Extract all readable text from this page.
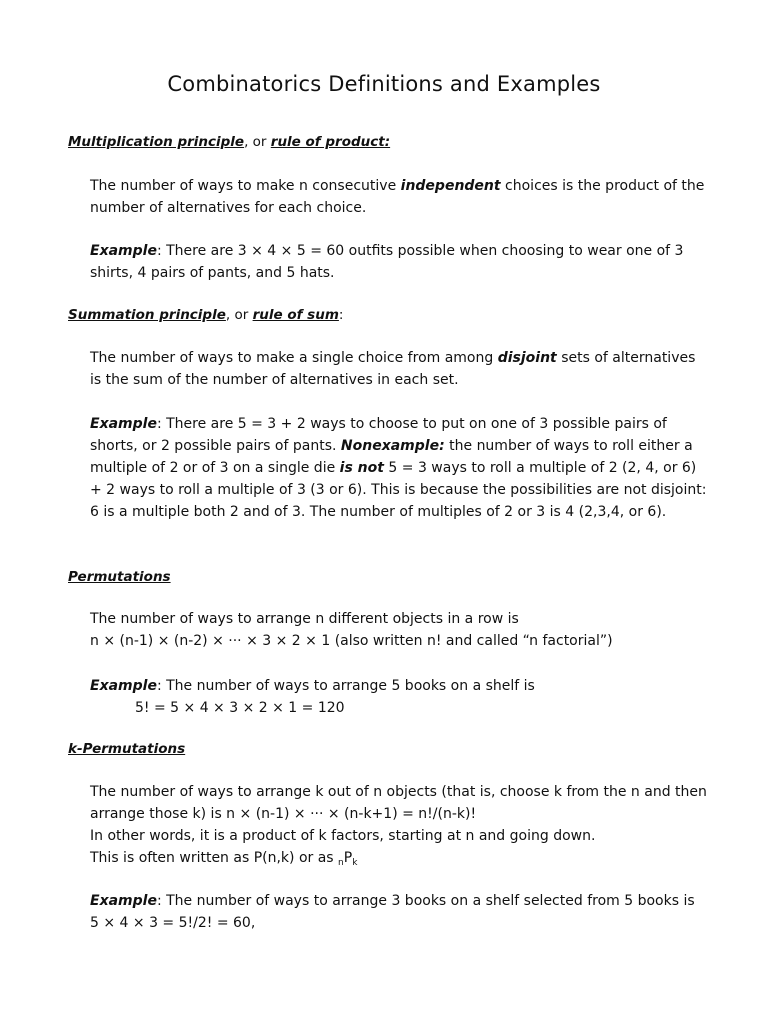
Combinatorics Definitions and Examples
Multiplication principle, or rule of product:

The number of ways to make n consecutive independent choices is the product of the number of alternatives for each choice.

Example: There are 3 × 4 × 5 = 60 outfits possible when choosing to wear one of 3 shirts, 4 pairs of pants, and 5 hats.

Summation principle, or rule of sum:

The number of ways to make a single choice from among disjoint sets of alternatives is the sum of the number of alternatives in each set.

Example: There are 5 = 3 + 2 ways to choose to put on one of 3 possible pairs of shorts, or 2 possible pairs of pants. Nonexample: the number of ways to roll either a multiple of 2 or of 3 on a single die is not 5 = 3 ways to roll a multiple of 2 (2, 4, or 6) + 2 ways to roll a multiple of 3 (3 or 6). This is because the possibilities are not disjoint: 6 is a multiple both 2 and of 3. The number of multiples of 2 or 3 is 4 (2,3,4, or 6).

Permutations

The number of ways to arrange n different objects in a row is
n × (n-1) × (n-2) × ··· × 3 × 2 × 1 (also written n! and called “n factorial”)

Example: The number of ways to arrange 5 books on a shelf is
5! = 5 × 4 × 3 × 2 × 1 = 120

k-Permutations

The number of ways to arrange k out of n objects (that is, choose k from the n and then arrange those k) is n × (n-1) × ··· × (n-k+1) = n!/(n-k)!
In other words, it is a product of k factors, starting at n and going down.
This is often written as P(n,k) or as $_nP_k$

Example: The number of ways to arrange 3 books on a shelf selected from 5 books is
5 × 4 × 3 = 5!/2! = 60,
